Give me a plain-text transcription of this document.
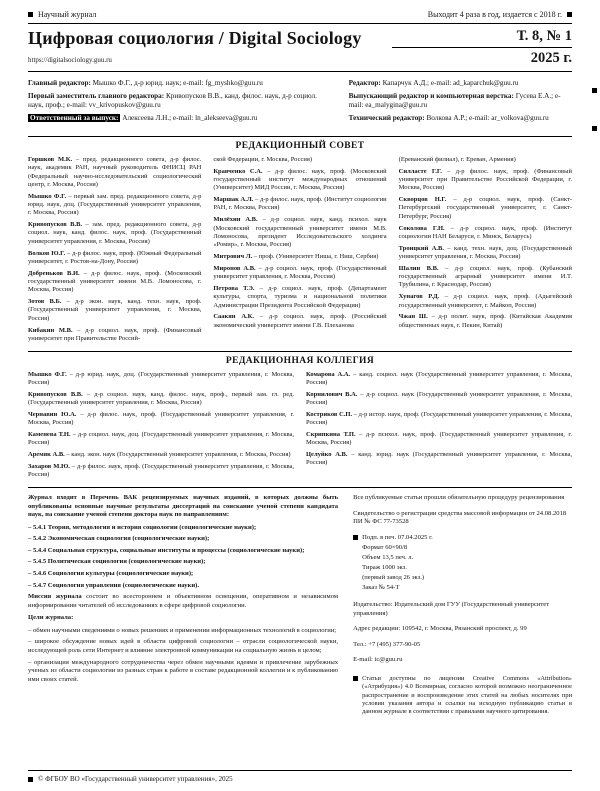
Научный журнал	Выходит 4 раза в год, издается с 2018 г.
Цифровая социология / Digital Sociology
https://digitalsociology.guu.ru
Т. 8, № 1
2025 г.

Главный редактор: Мышко Ф.Г., д-р юрид. наук; e-mail: fg_myshko@guu.ru

Первый заместитель главного редактора: Кривопусков В.В., канд. филос. наук, д-р социол. наук, проф.; e-mail: vv_krivopuskov@guu.ru

Ответственный за выпуск: Алексеева Л.Н.; e-mail: ln_alekseeva@guu.ru

Редактор: Капарчук А.Д.; e-mail: ad_kaparchuk@guu.ru

Выпускающий редактор и компьютерная верстка: Гусева Е.А.; e-mail: ea_malygina@guu.ru

Технический редактор: Волкова А.Р.; e-mail: ar_volkova@guu.ru

РЕДАКЦИОННЫЙ СОВЕТ

Горшков М.К. – пред. редакционного совета, д-р филос. наук, академик РАН, научный руководитель ФНИСЦ РАН (Федеральный научно-исследовательский социологический центр, г. Москва, Россия)

Мышко Ф.Г. – первый зам. пред. редакционного совета, д-р юрид. наук, доц. (Государственный университет управления, г. Москва, Россия)

Кривопусков В.В. – зам. пред. редакционного совета, д-р социол. наук, канд. филос. наук, проф. (Государственный университет управления, г. Москва, Россия)

Волков Ю.Г. – д-р филос. наук, проф. (Южный Федеральный университет, г. Ростов-на-Дону, Россия)

Добреньков В.И. – д-р филос. наук, проф. (Московский государственный университет имени М.В. Ломоносова, г. Москва, Россия)

Зотов В.Б. – д-р экон. наук, канд. техн. наук, проф. (Государственный университет управления, г. Москва, Россия)

Кибакин М.В. – д-р социол. наук, проф. (Финансовый университет при Правительстве Россий-

ской Федерации, г. Москва, Россия)

Кравченко С.А. – д-р филос. наук, проф. (Московский государственный институт международных отношений (Университет) МИД России, г. Москва, Россия)

Маршак А.Л. – д-р филос. наук, проф. (Институт социологии РАН, г. Москва, Россия)

Милёхин А.В. – д-р социол. наук, канд. психол. наук (Московский государственный университет имени М.В. Ломоносова, президент Исследовательского холдинга «Ромир», г. Москва, Россия)

Митрович Л. – проф. (Университет Ниша, г. Ниш, Сербия)

Миронов А.В. – д-р социол. наук, проф. (Государственный университет управления, г. Москва, Россия)

Петрова Т.Э. – д-р социол. наук, проф. (Департамент культуры, спорта, туризма и национальной политики Администрации Президента Российской Федерации)

Саакян А.К. – д-р социол. наук, проф. (Российский экономический университет имени Г.В. Плеханова

(Ереванский филиал), г. Ереван, Армения)

Силласте Г.Г. – д-р филос. наук, проф. (Финансовый университет при Правительстве Российской Федерации, г. Москва, Россия)

Скворцов Н.Г. – д-р социол. наук, проф. (Санкт-Петербургский государственный университет, г. Санкт-Петербург, Россия)

Соколова Г.Н. – д-р социол. наук, проф. (Институт социологии НАН Беларуси, г. Минск, Беларусь)

Троицкий А.В. – канд. техн. наук, доц. (Государственный университет управления, г. Москва, Россия)

Шалин В.В. – д-р социол. наук, проф. (Кубанский государственный аграрный университет имени И.Т. Трубилина, г. Краснодар, Россия)

Хунагов Р.Д. – д-р социол. наук, проф. (Адыгейский государственный университет, г. Майкоп, Россия)

Чжан Ш. – д-р полит. наук, проф. (Китайская Академия общественных наук, г. Пекин, Китай)

РЕДАКЦИОННАЯ КОЛЛЕГИЯ

Мышко Ф.Г. – д-р юрид. наук, доц. (Государственный университет управления, г. Москва, Россия)

Кривопусков В.В. – д-р социол. наук, канд. филос. наук, проф., первый зам. гл. ред. (Государственный университет управления, г. Москва, Россия)

Чернавин Ю.А. – д-р филос. наук, проф. (Государственный университет управления, г. Москва, Россия)

Каменева Т.Н. – д-р социол. наук, доц. (Государственный университет управления, г. Москва, Россия)

Аремяк А.В. – канд. экон. наук (Государственный университет управления, г. Москва, Россия)

Захаров М.Ю. – д-р филос. наук, проф. (Государственный университет управления, г. Москва, Россия)

Комарова А.А. – канд. социол. наук (Государственный университет управления, г. Москва, Россия)

Корнилович В.А. – д-р социол. наук (Государственный университет управления, г. Москва, Россия)

Костриков С.П. – д-р истор. наук, проф. (Государственный университет управления, г. Москва, Россия)

Скрипкина Т.П. – д-р психол. наук, проф. (Государственный университет управления, г. Москва, Россия)

Целуйко А.В. – канд. юрид. наук (Государственный университет управления, г. Москва, Россия)

Журнал входит в Перечень ВАК рецензируемых научных изданий, в которых должны быть опубликованы основные научные результаты диссертаций на соискание ученой степени кандидата наук, на соискание ученой степени доктора наук по направлениям:

– 5.4.1 Теория, методология и история социологии (социологические науки);

– 5.4.2 Экономическая социология (социологические науки);

– 5.4.4 Социальная структура, социальные институты и процессы (социологические науки);

– 5.4.5 Политическая социология (социологические науки);

– 5.4.6 Социология культуры (социологические науки);

– 5.4.7 Социология управления (социологические науки).

Миссия журнала состоит во всестороннем и объективном освещении, оперативном и независимом информировании читателей об исследованиях в сфере цифровой социологии.

Цели журнала:

– обмен научными сведениями о новых решениях и применении информационных технологий в социологии;

– широкое обсуждение новых идей в области цифровой социологии – отрасли социологической науки, исследующей роль сети Интернет и влияние электронной коммуникации на социальную жизнь в целом;

– организация международного сотрудничества через обмен научными идеями и привлечение зарубежных ученых из области социологии из разных стран к работе в составе редакционной коллегии и к публикованию ими своих статей.

Все публикуемые статьи прошли обязательную процедуру рецензирования

Свидетельство о регистрации средства массовой информации от 24.08.2018 ПИ № ФС 77-73528

Подп. в печ. 07.04.2025 г.

Формат 60×90/8

Объем 13,5 печ. л.

Тираж 1000 экз.

(первый завод 26 экз.)

Заказ № 54-Т

Издательство: Издательский дом ГУУ (Государственный университет управления)

Адрес редакции: 109542, г. Москва, Рязанский проспект, д. 99

Тел.: +7 (495) 377-90-05

E-mail: ic@guu.ru

Статьи доступны по лицензии Creative Commons «Attribution» («Атрибуция») 4.0 Всемирная, согласно которой возможно неограниченное распространение и воспроизведение этих статей на любых носителях при условии указания автора и ссылки на исходную публикацию статьи в данном журнале в соответствии с правилами научного цитирования.
© ФГБОУ ВО «Государственный университет управления», 2025
